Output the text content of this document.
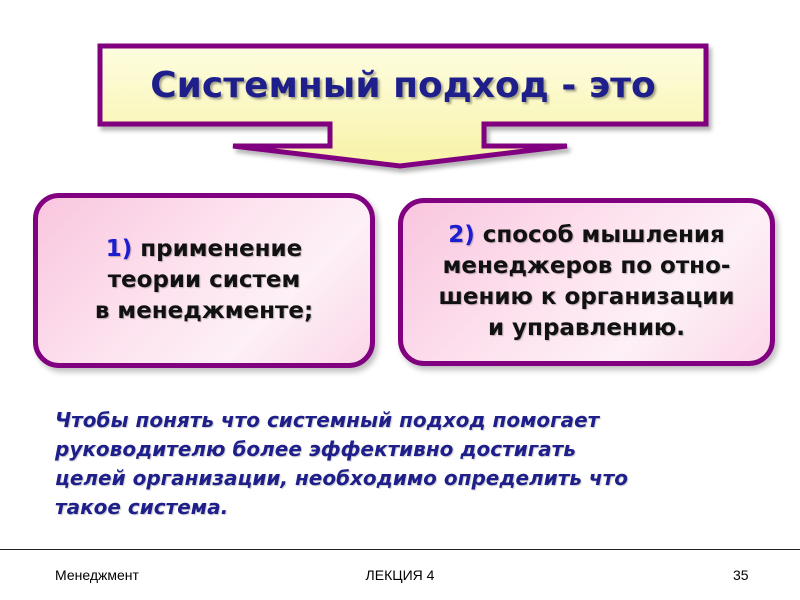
Системный подход - это
1) применение
теории систем
в менеджменте;
2) способ мышления
менеджеров по отно-
шению к организации
и управлению.
Чтобы понять что системный подход помогает
руководителю более эффективно достигать
целей организации, необходимо определить что
такое система.
Менеджмент	ЛЕКЦИЯ 4	35
